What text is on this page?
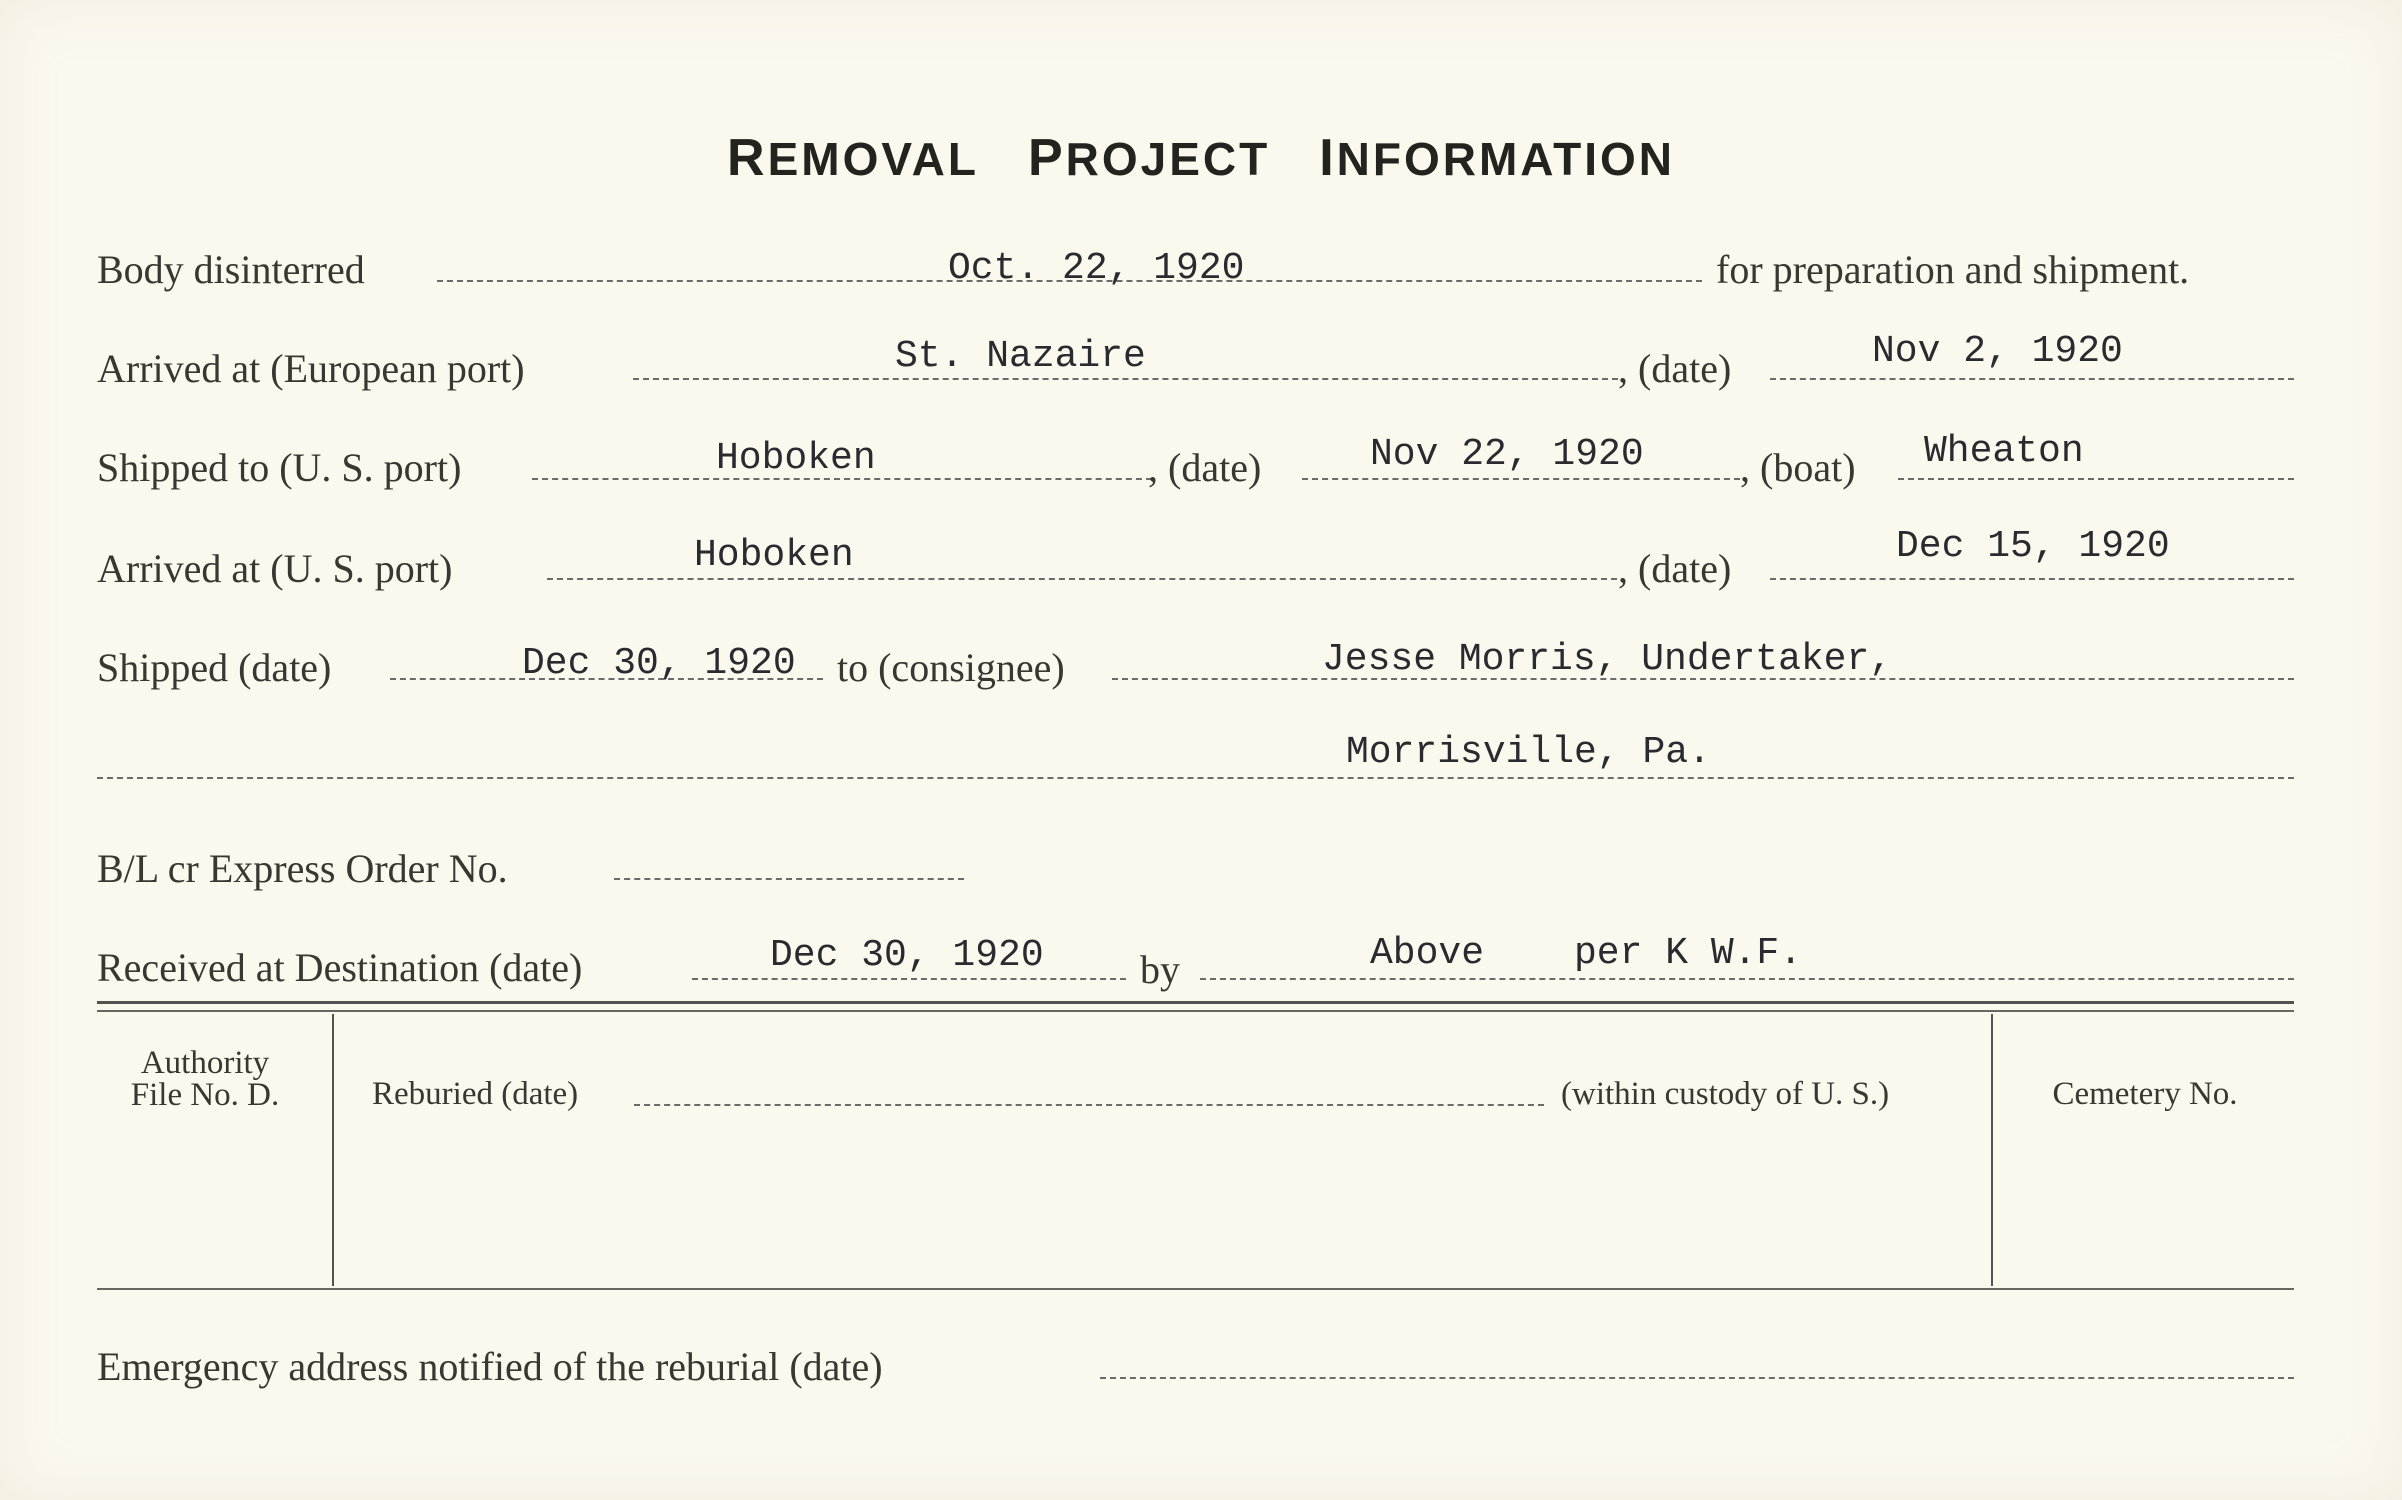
REMOVAL  PROJECT  INFORMATION
Body disinterred	Oct. 22, 1920	for preparation and shipment.
Arrived at (European port)	St. Nazaire	, (date)	Nov 2, 1920
Shipped to (U. S. port)	Hoboken	, (date)	Nov 22, 1920 , (boat) Wheaton
Arrived at (U. S. port)	Hoboken	, (date)	Dec 15, 1920
Shipped (date)	Dec 30, 1920 to (consignee)	Jesse Morris, Undertaker,
Morrisville, Pa.
B/L cr Express Order No.
Received at Destination (date)	Dec 30, 1920 by	Above per K W.F.
Authority
File No. D.	Reburied (date)	(within custody of U. S.)	Cemetery No.
Emergency address notified of the reburial (date)
